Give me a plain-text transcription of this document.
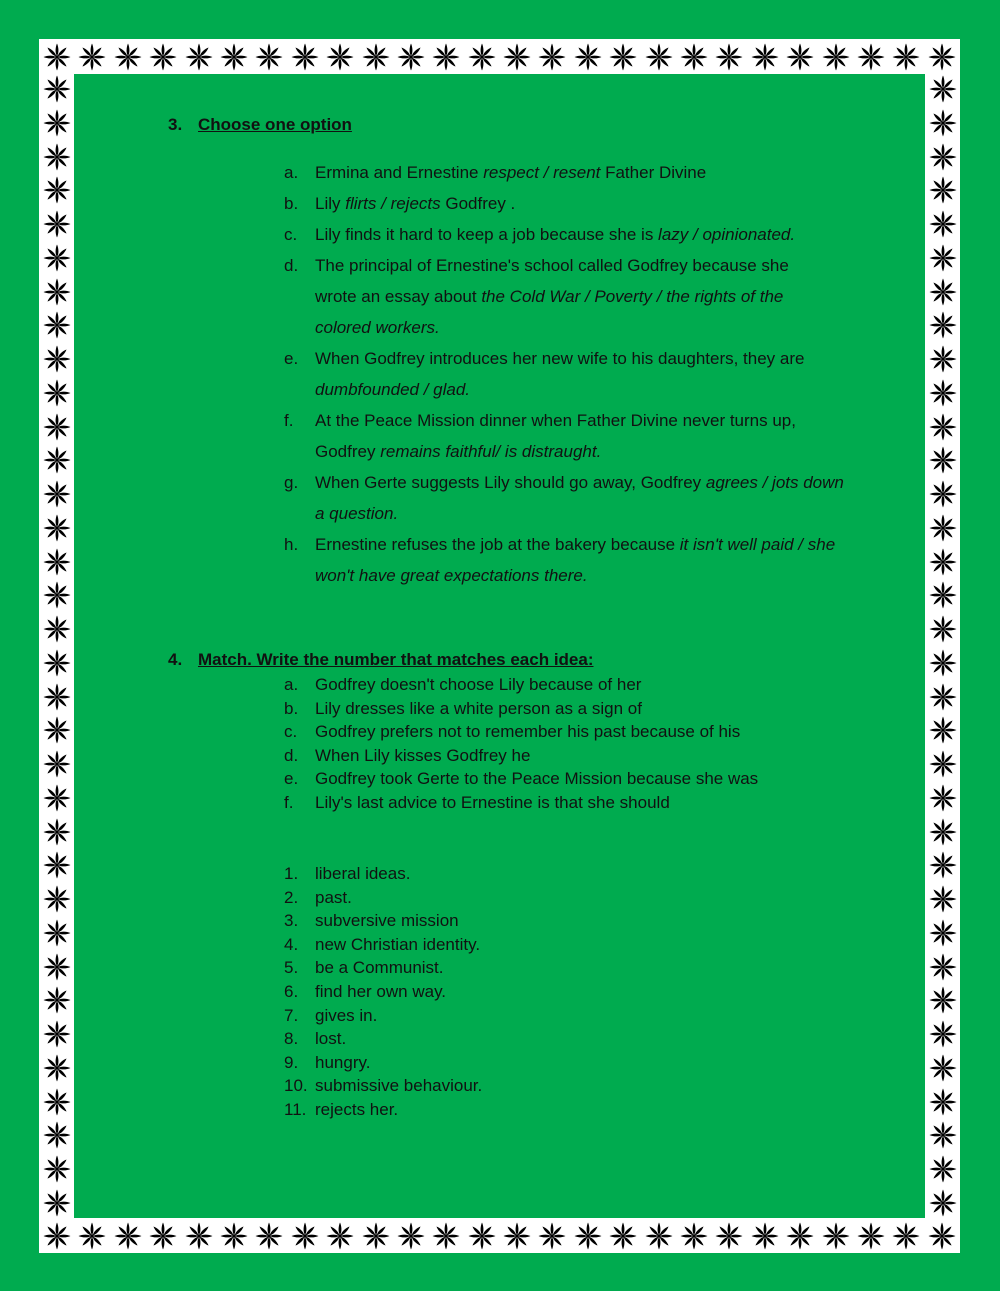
3. Choose one option
a. Ermina and Ernestine respect / resent Father Divine
b. Lily flirts / rejects Godfrey .
c. Lily finds it hard to keep a job because she is lazy / opinionated.
d. The principal of Ernestine's school called Godfrey because she wrote an essay about the Cold War / Poverty / the rights of the colored workers.
e. When Godfrey introduces her new wife to his daughters, they are dumbfounded / glad.
f. At the Peace Mission dinner when Father Divine never turns up, Godfrey remains faithful/ is distraught.
g. When Gerte suggests Lily should go away, Godfrey agrees / jots down a question.
h. Ernestine refuses the job at the bakery because it isn't well paid / she won't have great expectations there.
4. Match. Write the number that matches each idea:
a. Godfrey doesn't choose Lily because of her
b. Lily dresses like a white person as a sign of
c. Godfrey prefers not to remember his past because of his
d. When Lily kisses Godfrey he
e. Godfrey took Gerte to the Peace Mission because she was
f. Lily's last advice to Ernestine is that she should
1. liberal ideas.
2. past.
3. subversive mission
4. new Christian identity.
5. be a Communist.
6. find her own way.
7. gives in.
8. lost.
9. hungry.
10. submissive behaviour.
11. rejects her.
